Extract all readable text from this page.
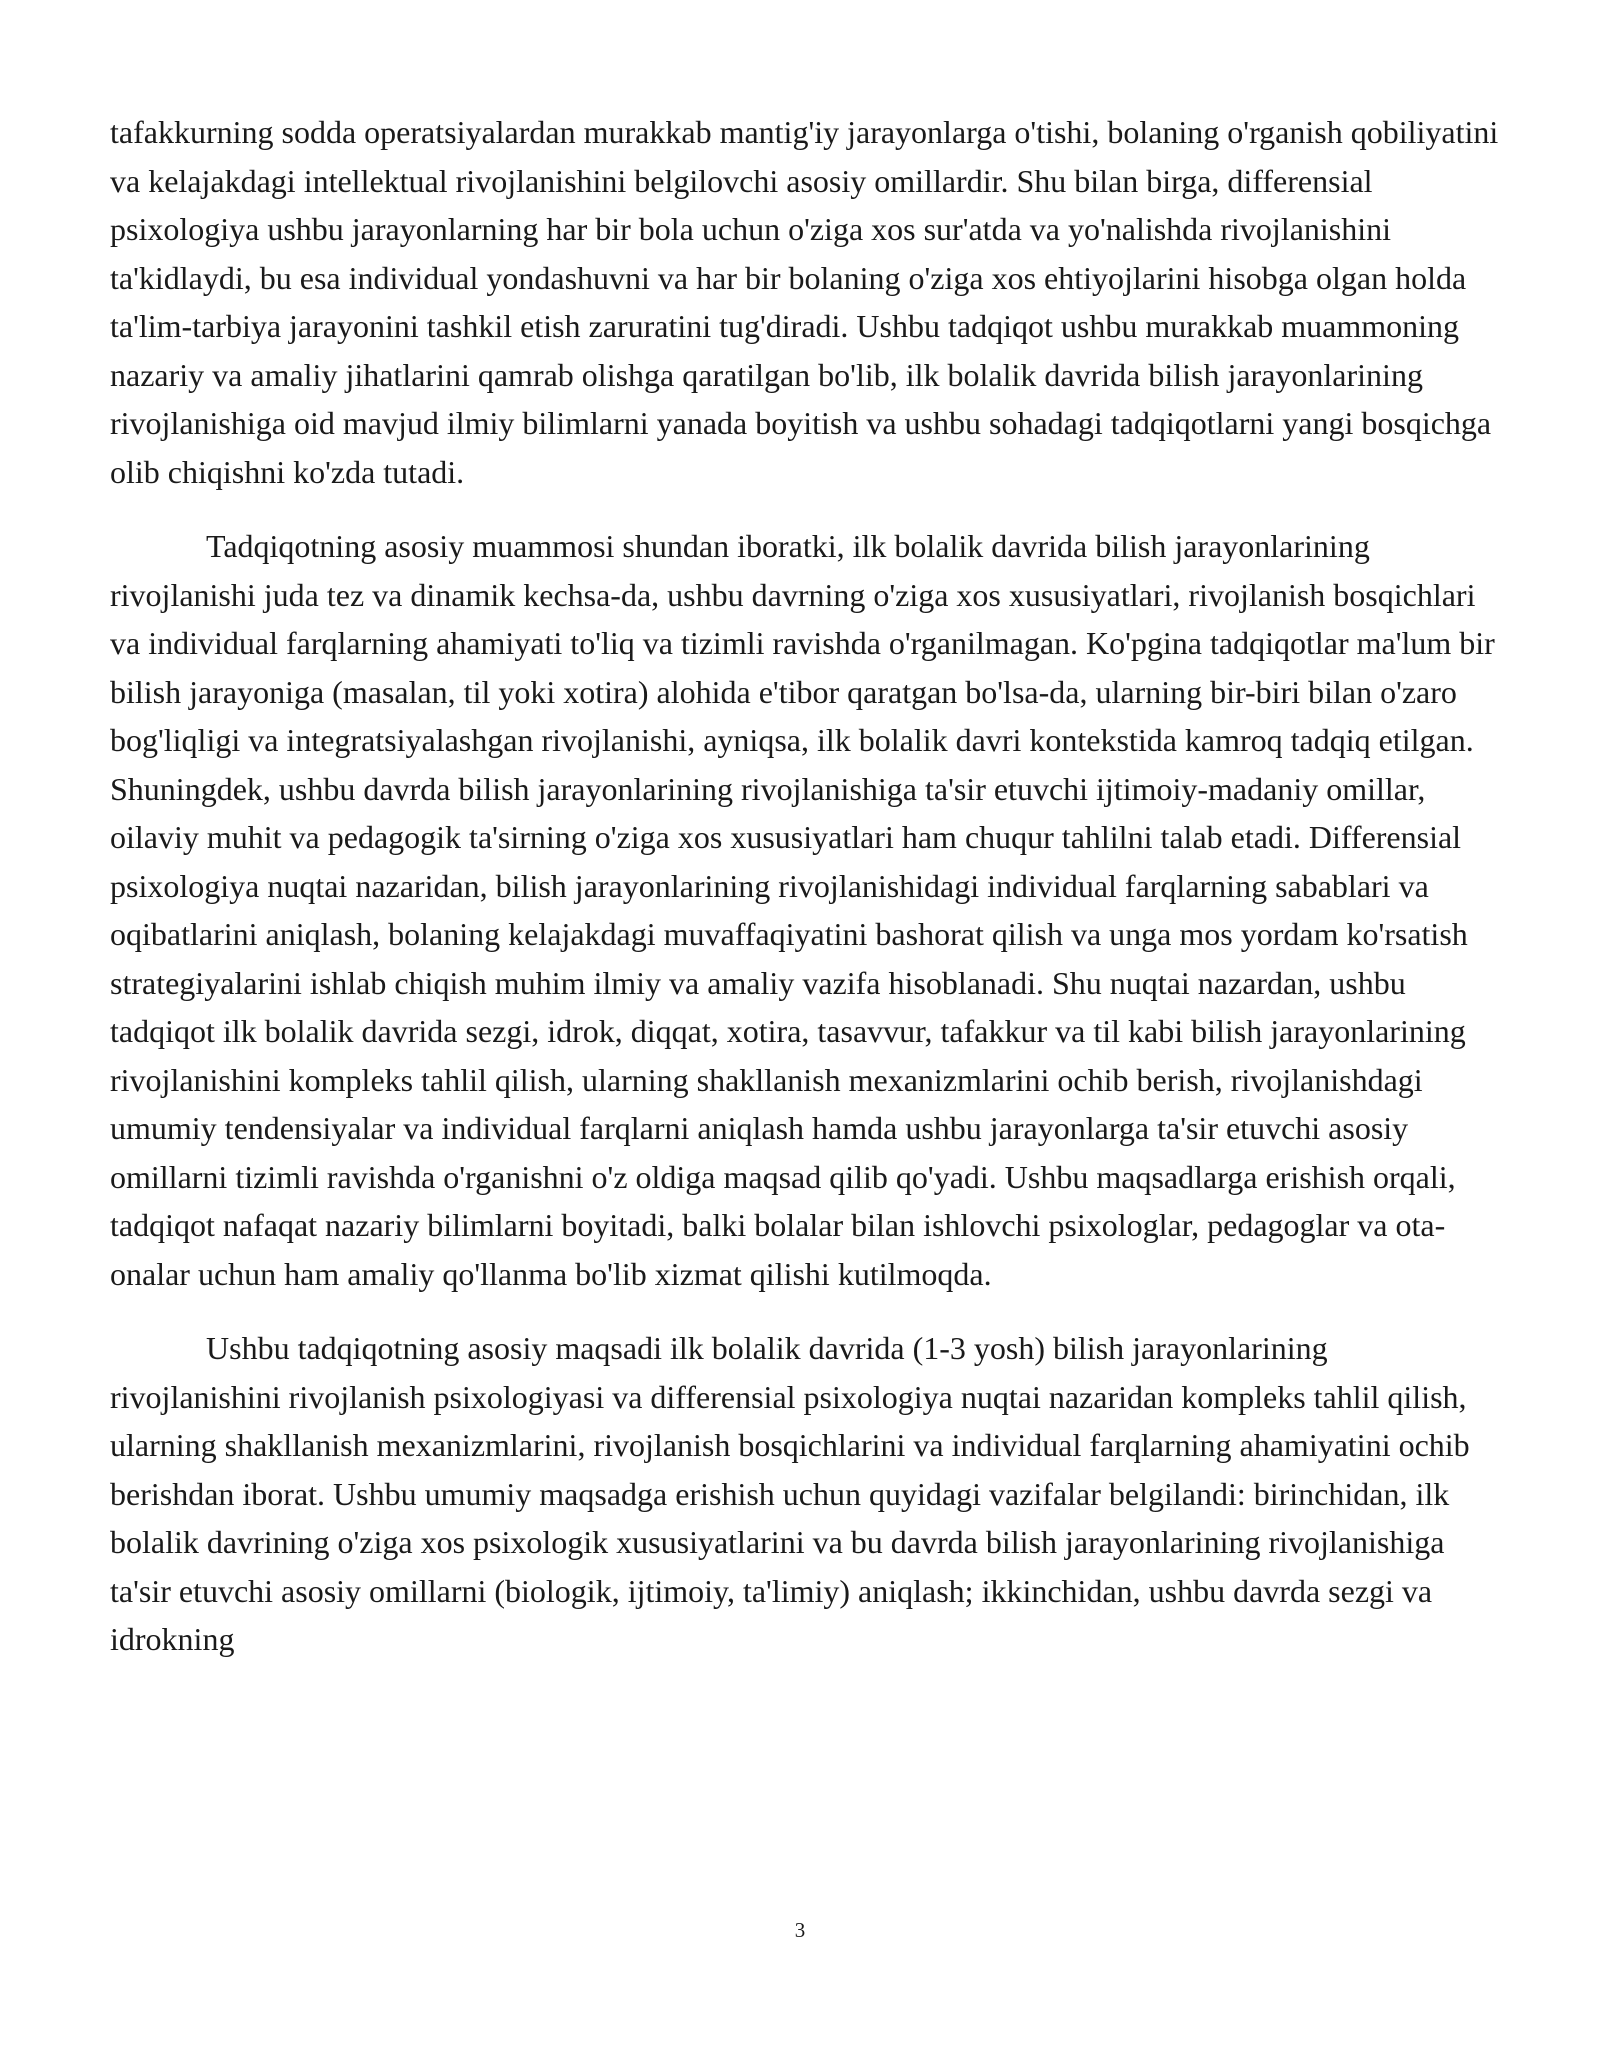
tafakkurning sodda operatsiyalardan murakkab mantig'iy jarayonlarga o'tishi, bolaning o'rganish qobiliyatini va kelajakdagi intellektual rivojlanishini belgilovchi asosiy omillardir. Shu bilan birga, differensial psixologiya ushbu jarayonlarning har bir bola uchun o'ziga xos sur'atda va yo'nalishda rivojlanishini ta'kidlaydi, bu esa individual yondashuvni va har bir bolaning o'ziga xos ehtiyojlarini hisobga olgan holda ta'lim-tarbiya jarayonini tashkil etish zaruratini tug'diradi. Ushbu tadqiqot ushbu murakkab muammoning nazariy va amaliy jihatlarini qamrab olishga qaratilgan bo'lib, ilk bolalik davrida bilish jarayonlarining rivojlanishiga oid mavjud ilmiy bilimlarni yanada boyitish va ushbu sohadagi tadqiqotlarni yangi bosqichga olib chiqishni ko'zda tutadi.

Tadqiqotning asosiy muammosi shundan iboratki, ilk bolalik davrida bilish jarayonlarining rivojlanishi juda tez va dinamik kechsa-da, ushbu davrning o'ziga xos xususiyatlari, rivojlanish bosqichlari va individual farqlarning ahamiyati to'liq va tizimli ravishda o'rganilmagan. Ko'pgina tadqiqotlar ma'lum bir bilish jarayoniga (masalan, til yoki xotira) alohida e'tibor qaratgan bo'lsa-da, ularning bir-biri bilan o'zaro bog'liqligi va integratsiyalashgan rivojlanishi, ayniqsa, ilk bolalik davri kontekstida kamroq tadqiq etilgan. Shuningdek, ushbu davrda bilish jarayonlarining rivojlanishiga ta'sir etuvchi ijtimoiy-madaniy omillar, oilaviy muhit va pedagogik ta'sirning o'ziga xos xususiyatlari ham chuqur tahlilni talab etadi. Differensial psixologiya nuqtai nazaridan, bilish jarayonlarining rivojlanishidagi individual farqlarning sabablari va oqibatlarini aniqlash, bolaning kelajakdagi muvaffaqiyatini bashorat qilish va unga mos yordam ko'rsatish strategiyalarini ishlab chiqish muhim ilmiy va amaliy vazifa hisoblanadi. Shu nuqtai nazardan, ushbu tadqiqot ilk bolalik davrida sezgi, idrok, diqqat, xotira, tasavvur, tafakkur va til kabi bilish jarayonlarining rivojlanishini kompleks tahlil qilish, ularning shakllanish mexanizmlarini ochib berish, rivojlanishdagi umumiy tendensiyalar va individual farqlarni aniqlash hamda ushbu jarayonlarga ta'sir etuvchi asosiy omillarni tizimli ravishda o'rganishni o'z oldiga maqsad qilib qo'yadi. Ushbu maqsadlarga erishish orqali, tadqiqot nafaqat nazariy bilimlarni boyitadi, balki bolalar bilan ishlovchi psixologlar, pedagoglar va ota-onalar uchun ham amaliy qo'llanma bo'lib xizmat qilishi kutilmoqda.

Ushbu tadqiqotning asosiy maqsadi ilk bolalik davrida (1-3 yosh) bilish jarayonlarining rivojlanishini rivojlanish psixologiyasi va differensial psixologiya nuqtai nazaridan kompleks tahlil qilish, ularning shakllanish mexanizmlarini, rivojlanish bosqichlarini va individual farqlarning ahamiyatini ochib berishdan iborat. Ushbu umumiy maqsadga erishish uchun quyidagi vazifalar belgilandi: birinchidan, ilk bolalik davrining o'ziga xos psixologik xususiyatlarini va bu davrda bilish jarayonlarining rivojlanishiga ta'sir etuvchi asosiy omillarni (biologik, ijtimoiy, ta'limiy) aniqlash; ikkinchidan, ushbu davrda sezgi va idrokning

3
